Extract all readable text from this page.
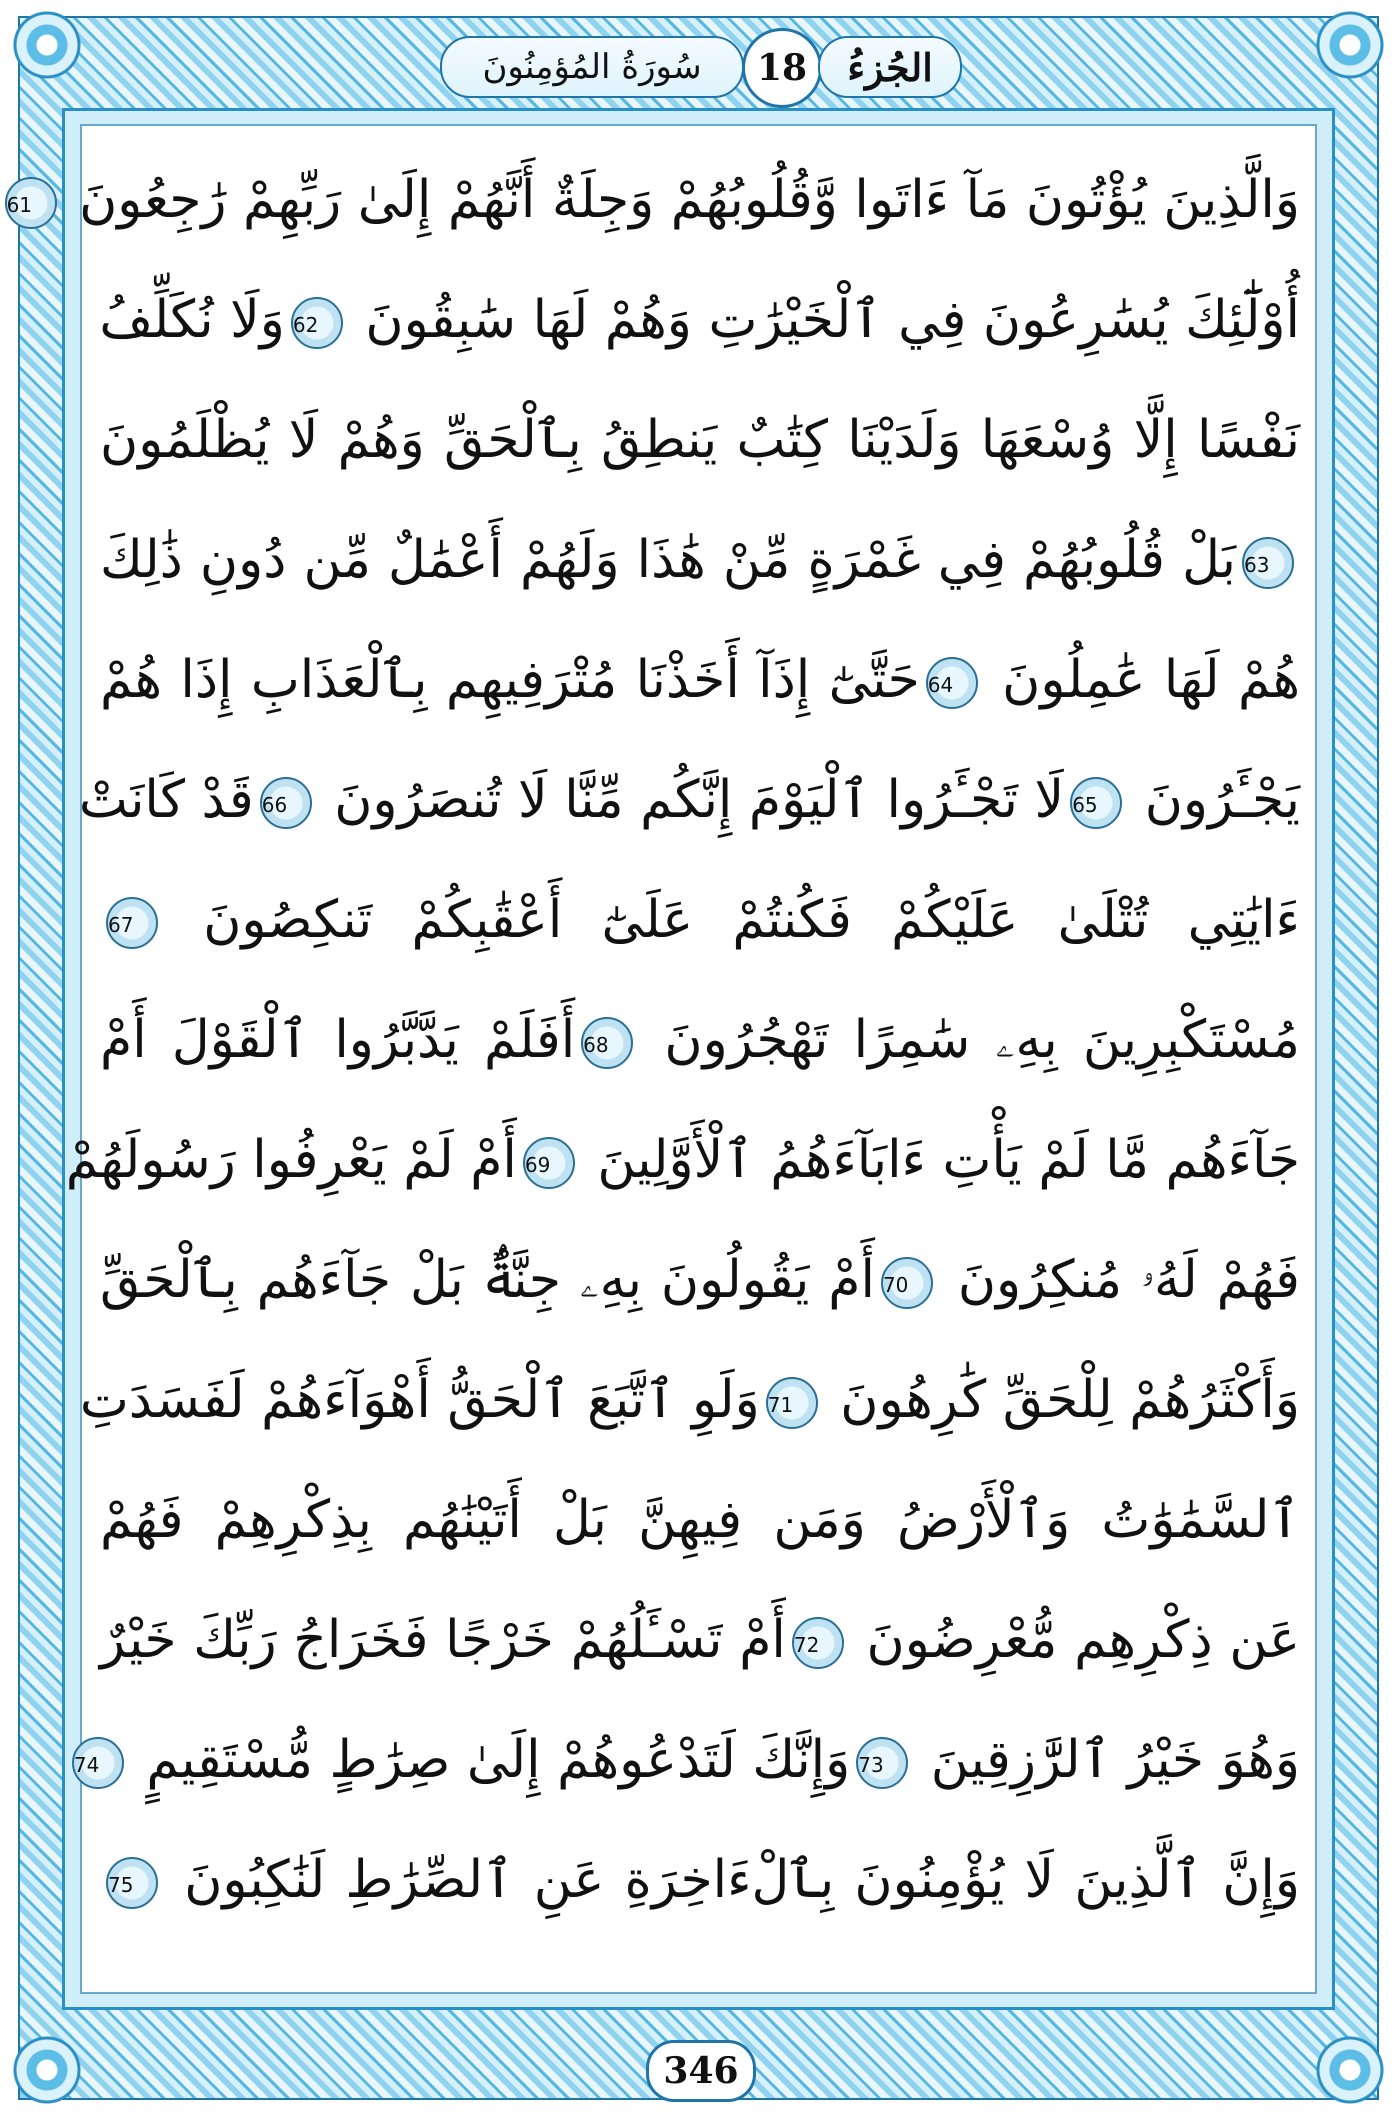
سُورَةُ المُؤمِنُونَ	18	الجُزءُ
وَالَّذِينَ يُؤْتُونَ مَآ ءَاتَوا وَّقُلُوبُهُمْ وَجِلَةٌ أَنَّهُمْ إِلَىٰ رَبِّهِمْ رَٰجِعُونَ 61
أُوْلَٰٓئِكَ يُسَٰرِعُونَ فِي ٱلْخَيْرَٰتِ وَهُمْ لَهَا سَٰبِقُونَ 62وَلَا نُكَلِّفُ
نَفْسًا إِلَّا وُسْعَهَا وَلَدَيْنَا كِتَٰبٌ يَنطِقُ بِٱلْحَقِّ وَهُمْ لَا يُظْلَمُونَ
63بَلْ قُلُوبُهُمْ فِي غَمْرَةٍ مِّنْ هَٰذَا وَلَهُمْ أَعْمَٰلٌ مِّن دُونِ ذَٰلِكَ
هُمْ لَهَا عَٰمِلُونَ 64حَتَّىٰٓ إِذَآ أَخَذْنَا مُتْرَفِيهِم بِٱلْعَذَابِ إِذَا هُمْ
يَجْـَٔرُونَ 65لَا تَجْـَٔرُوا ٱلْيَوْمَ إِنَّكُم مِّنَّا لَا تُنصَرُونَ 66قَدْ كَانَتْ
ءَايَٰتِي تُتْلَىٰ عَلَيْكُمْ فَكُنتُمْ عَلَىٰٓ أَعْقَٰبِكُمْ تَنكِصُونَ 67
مُسْتَكْبِرِينَ بِهِۦ سَٰمِرًا تَهْجُرُونَ 68أَفَلَمْ يَدَّبَّرُوا ٱلْقَوْلَ أَمْ
جَآءَهُم مَّا لَمْ يَأْتِ ءَابَآءَهُمُ ٱلْأَوَّلِينَ 69أَمْ لَمْ يَعْرِفُوا رَسُولَهُمْ
فَهُمْ لَهُۥ مُنكِرُونَ 70أَمْ يَقُولُونَ بِهِۦ جِنَّةٌۢ بَلْ جَآءَهُم بِٱلْحَقِّ
وَأَكْثَرُهُمْ لِلْحَقِّ كَٰرِهُونَ 71وَلَوِ ٱتَّبَعَ ٱلْحَقُّ أَهْوَآءَهُمْ لَفَسَدَتِ
ٱلسَّمَٰوَٰتُ وَٱلْأَرْضُ وَمَن فِيهِنَّ بَلْ أَتَيْنَٰهُم بِذِكْرِهِمْ فَهُمْ
عَن ذِكْرِهِم مُّعْرِضُونَ 72أَمْ تَسْـَٔلُهُمْ خَرْجًا فَخَرَاجُ رَبِّكَ خَيْرٌ
وَهُوَ خَيْرُ ٱلرَّٰزِقِينَ 73وَإِنَّكَ لَتَدْعُوهُمْ إِلَىٰ صِرَٰطٍ مُّسْتَقِيمٍ 74
وَإِنَّ ٱلَّذِينَ لَا يُؤْمِنُونَ بِٱلْءَاخِرَةِ عَنِ ٱلصِّرَٰطِ لَنَٰكِبُونَ 75
346
